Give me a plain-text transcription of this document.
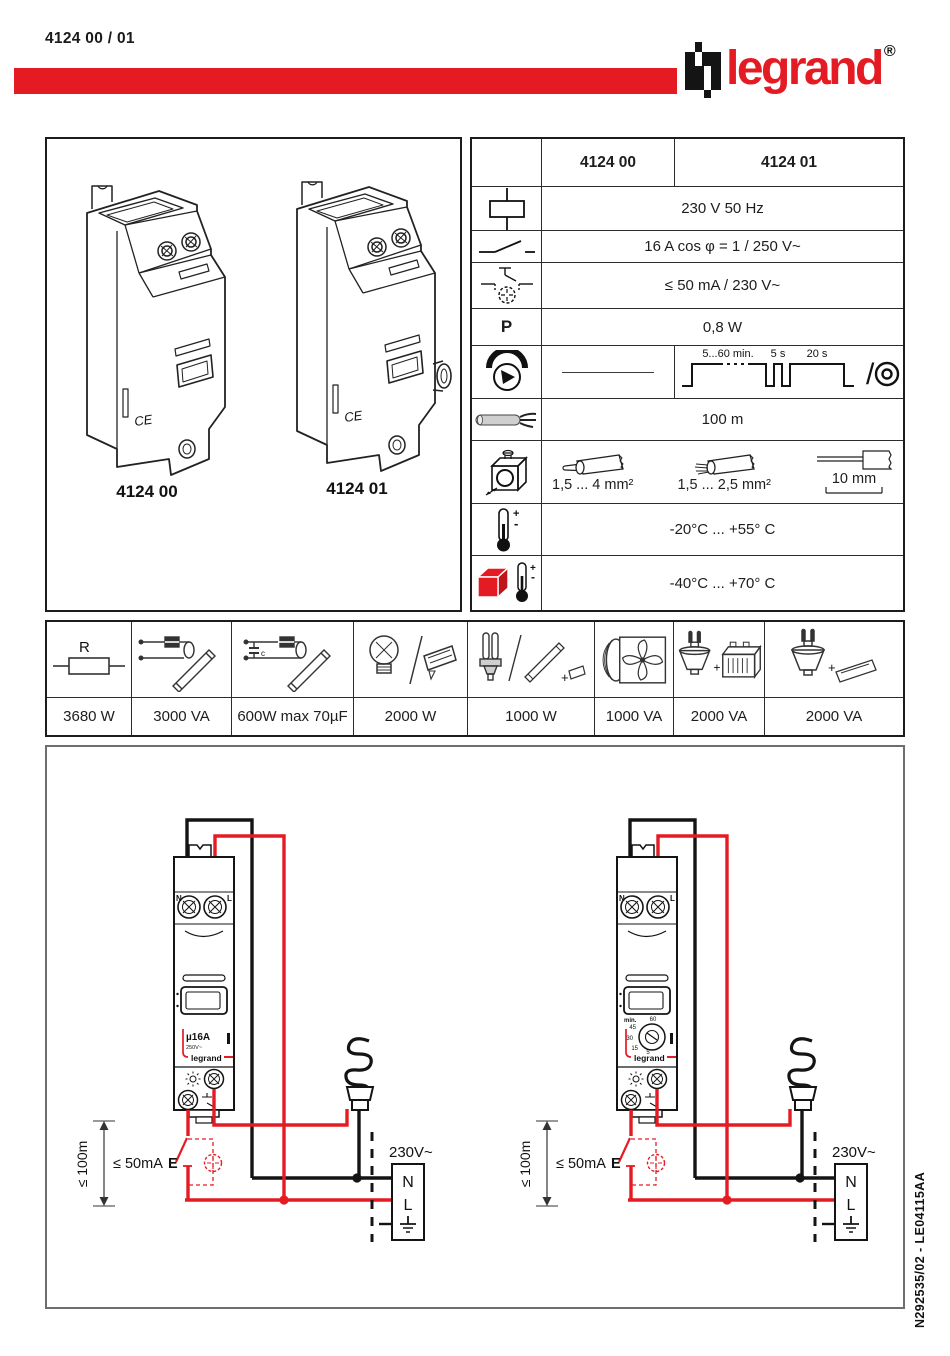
4124 00 / 01
legrand ®
CE	CE
4124 00	4124 01
4124 00	4124 01
230 V 50 Hz
16 A cos φ = 1 / 250 V~
≤ 50 mA / 230 V~
P	0,8 W
5...60 min. 5 s 20 s
/
100 m
1,5 ... 4 mm²	1,5 ... 2,5 mm²	10 mm
+
-	-20°C ... +55° C
+
-	-40°C ... +70° C
R	c
+
+	+
3680 W	3000 VA	600W max 70µF	2000 W	1000 W	1000 VA	2000 VA	2000 VA
µ16A
250V~
min. 60
45
30
15
5
N292535/02 - LE04115AA
